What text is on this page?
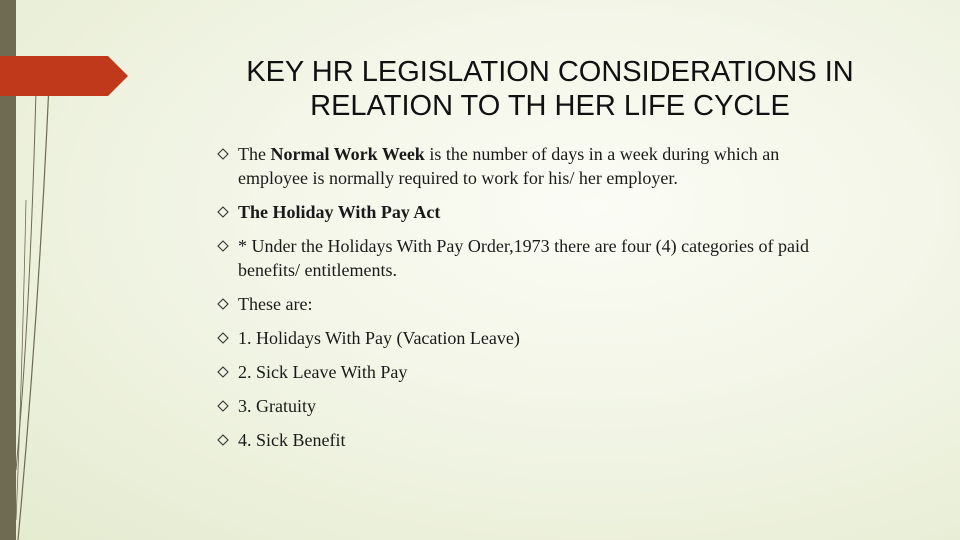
KEY HR LEGISLATION CONSIDERATIONS IN
RELATION TO TH HER LIFE CYCLE
The Normal Work Week is the number of days in a week during which an
employee is normally required to work for his/ her employer.
The Holiday With Pay Act
* Under the Holidays With Pay Order,1973 there are four (4) categories of paid
benefits/ entitlements.
These are:
1. Holidays With Pay (Vacation Leave)
2. Sick Leave With Pay
3. Gratuity
4. Sick Benefit
